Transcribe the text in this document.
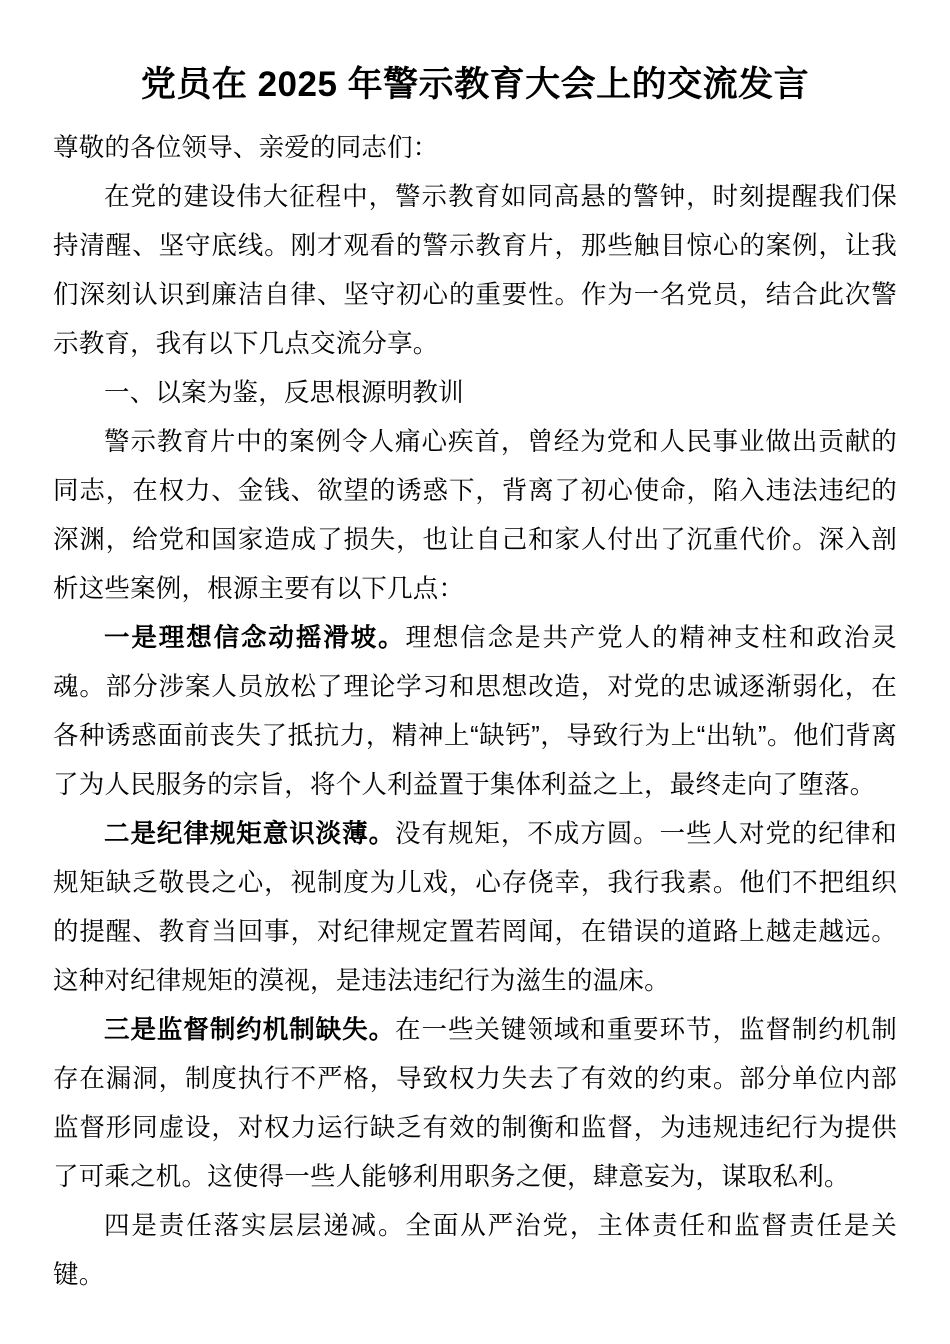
党员在 2025 年警示教育大会上的交流发言

尊敬的各位领导、亲爱的同志们：

在党的建设伟大征程中，警示教育如同高悬的警钟，时刻提醒我们保持清醒、坚守底线。刚才观看的警示教育片，那些触目惊心的案例，让我们深刻认识到廉洁自律、坚守初心的重要性。作为一名党员，结合此次警示教育，我有以下几点交流分享。

一、以案为鉴，反思根源明教训

警示教育片中的案例令人痛心疾首，曾经为党和人民事业做出贡献的同志，在权力、金钱、欲望的诱惑下，背离了初心使命，陷入违法违纪的深渊，给党和国家造成了损失，也让自己和家人付出了沉重代价。深入剖析这些案例，根源主要有以下几点：

一是理想信念动摇滑坡。理想信念是共产党人的精神支柱和政治灵魂。部分涉案人员放松了理论学习和思想改造，对党的忠诚逐渐弱化，在各种诱惑面前丧失了抵抗力，精神上“缺钙”，导致行为上“出轨”。他们背离了为人民服务的宗旨，将个人利益置于集体利益之上，最终走向了堕落。

二是纪律规矩意识淡薄。没有规矩，不成方圆。一些人对党的纪律和规矩缺乏敬畏之心，视制度为儿戏，心存侥幸，我行我素。他们不把组织的提醒、教育当回事，对纪律规定置若罔闻，在错误的道路上越走越远。这种对纪律规矩的漠视，是违法违纪行为滋生的温床。

三是监督制约机制缺失。在一些关键领域和重要环节，监督制约机制存在漏洞，制度执行不严格，导致权力失去了有效的约束。部分单位内部监督形同虚设，对权力运行缺乏有效的制衡和监督，为违规违纪行为提供了可乘之机。这使得一些人能够利用职务之便，肆意妄为，谋取私利。

四是责任落实层层递减。全面从严治党，主体责任和监督责任是关键。
